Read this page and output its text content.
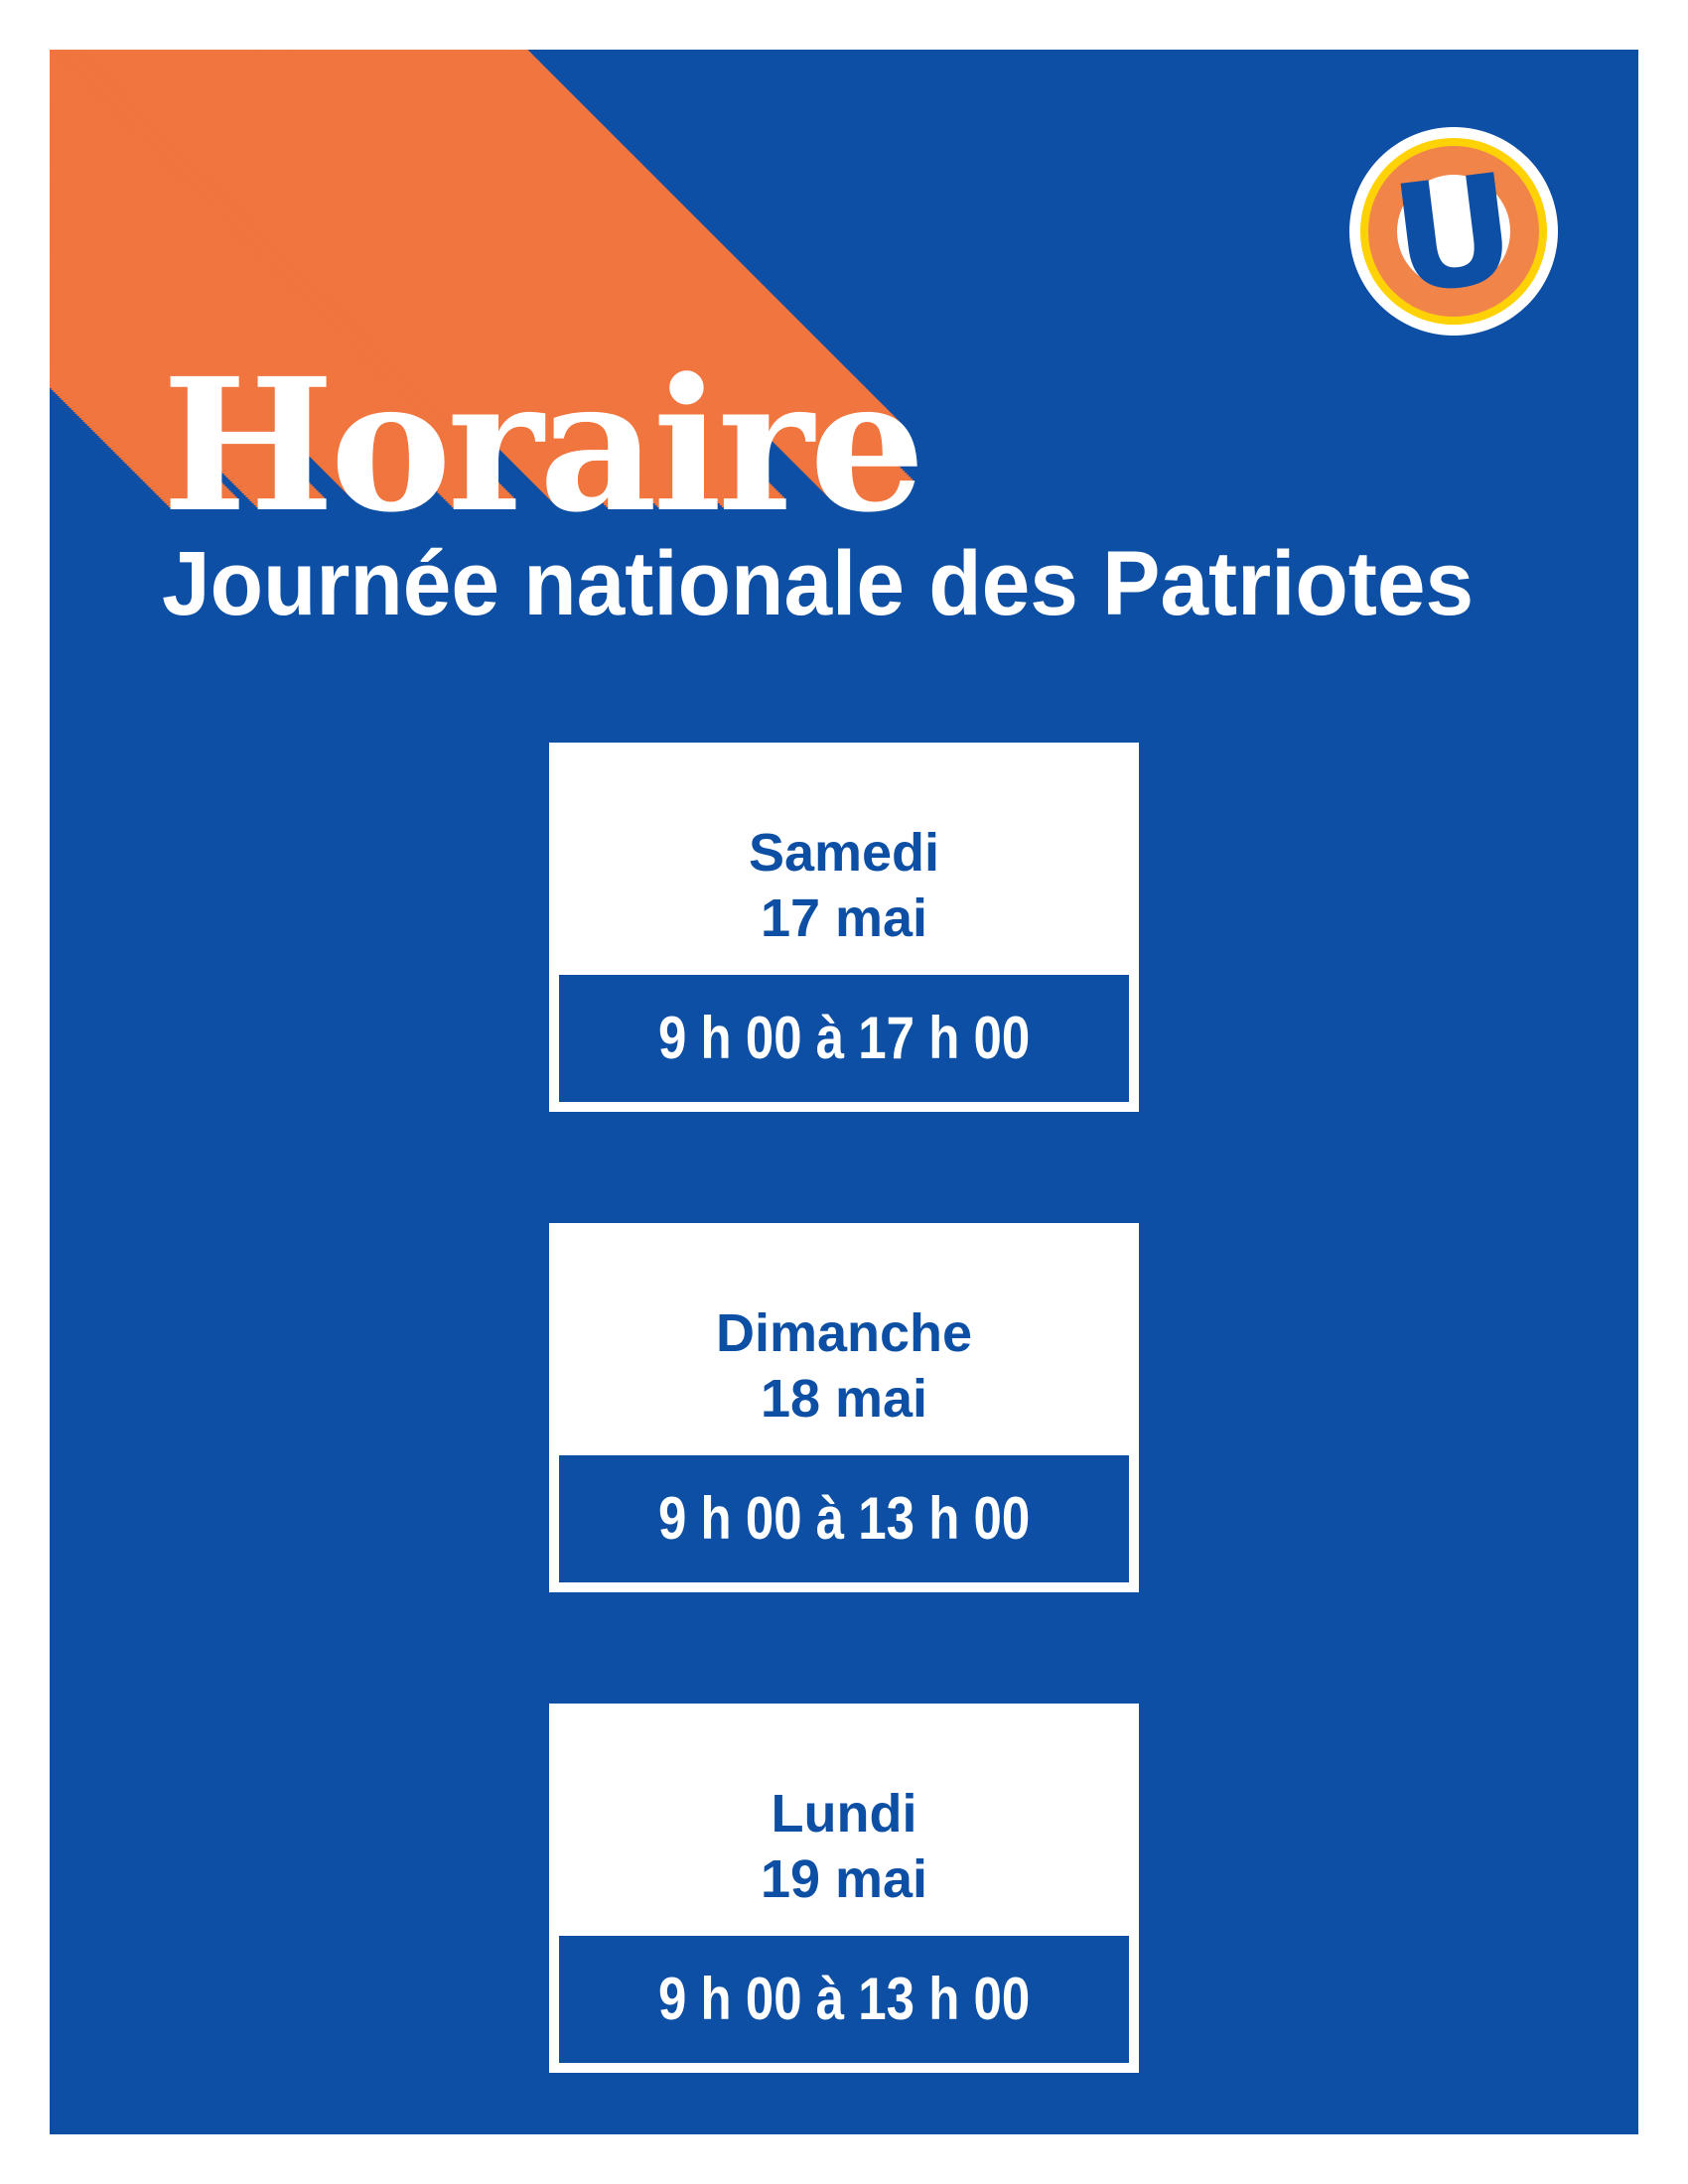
Horaire
Journée nationale des Patriotes
U
Samedi
17 mai
9 h 00 à 17 h 00
Dimanche
18 mai
9 h 00 à 13 h 00
Lundi
19 mai
9 h 00 à 13 h 00
